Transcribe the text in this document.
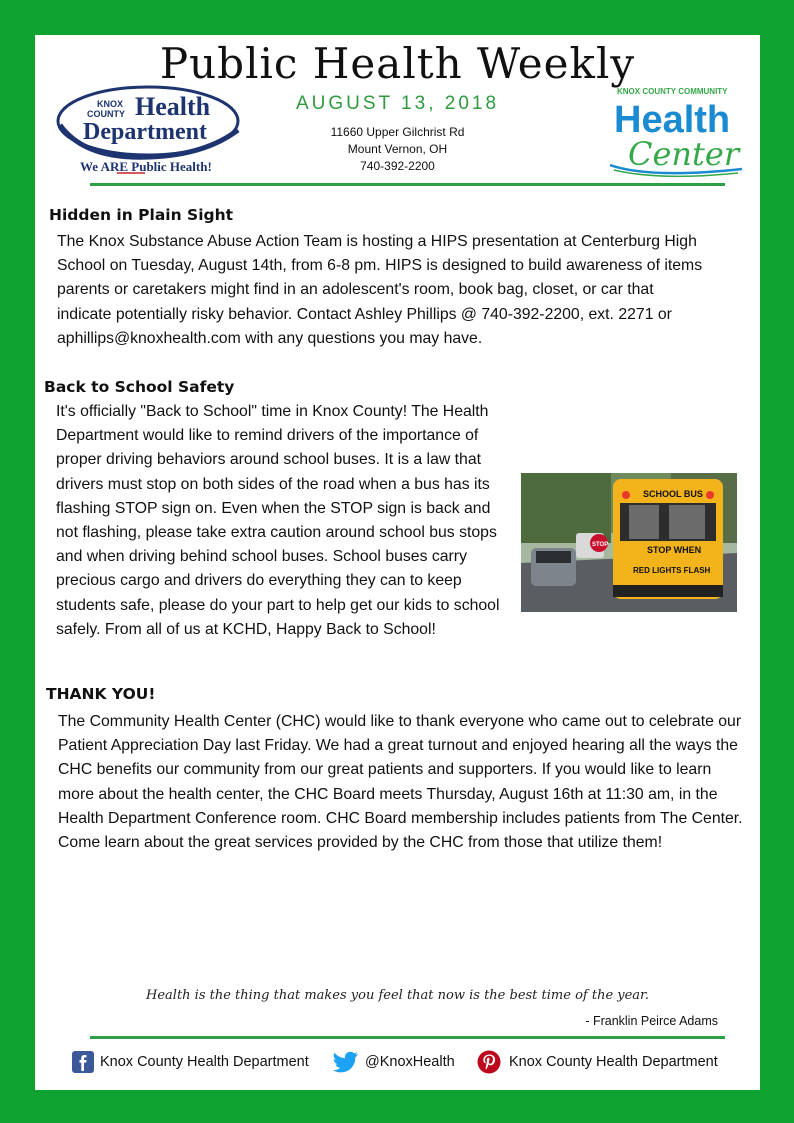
Public Health Weekly
KNOX
COUNTY Health
Department
We ARE Public Health!
AUGUST 13, 2018
11660 Upper Gilchrist Rd
Mount Vernon, OH
740-392-2200
KNOX COUNTY COMMUNITY
Health
Center
Hidden in Plain Sight

The Knox Substance Abuse Action Team is hosting a HIPS presentation at Centerburg High School on Tuesday, August 14th, from 6-8 pm. HIPS is designed to build awareness of items parents or caretakers might find in an adolescent's room, book bag, closet, or car that indicate potentially risky behavior. Contact Ashley Phillips @ 740-392-2200, ext. 2271 or aphillips@knoxhealth.com with any questions you may have.

Back to School Safety

It's officially "Back to School" time in Knox County! The Health Department would like to remind drivers of the importance of proper driving behaviors around school buses. It is a law that drivers must stop on both sides of the road when a bus has its flashing STOP sign on. Even when the STOP sign is back and not flashing, please take extra caution around school bus stops and when driving behind school buses. School buses carry precious cargo and drivers do everything they can to keep students safe, please do your part to help get our kids to school safely. From all of us at KCHD, Happy Back to School!

STOP
SCHOOL BUS
STOP WHEN
RED LIGHTS FLASH
THANK YOU!

The Community Health Center (CHC) would like to thank everyone who came out to celebrate our Patient Appreciation Day last Friday. We had a great turnout and enjoyed hearing all the ways the CHC benefits our community from our great patients and supporters. If you would like to learn more about the health center, the CHC Board meets Thursday, August 16th at 11:30 am, in the Health Department Conference room. CHC Board membership includes patients from The Center. Come learn about the great services provided by the CHC from those that utilize them!

Health is the thing that makes you feel that now is the best time of the year.
- Franklin Peirce Adams
Knox County Health Department	@KnoxHealth	Knox County Health Department
